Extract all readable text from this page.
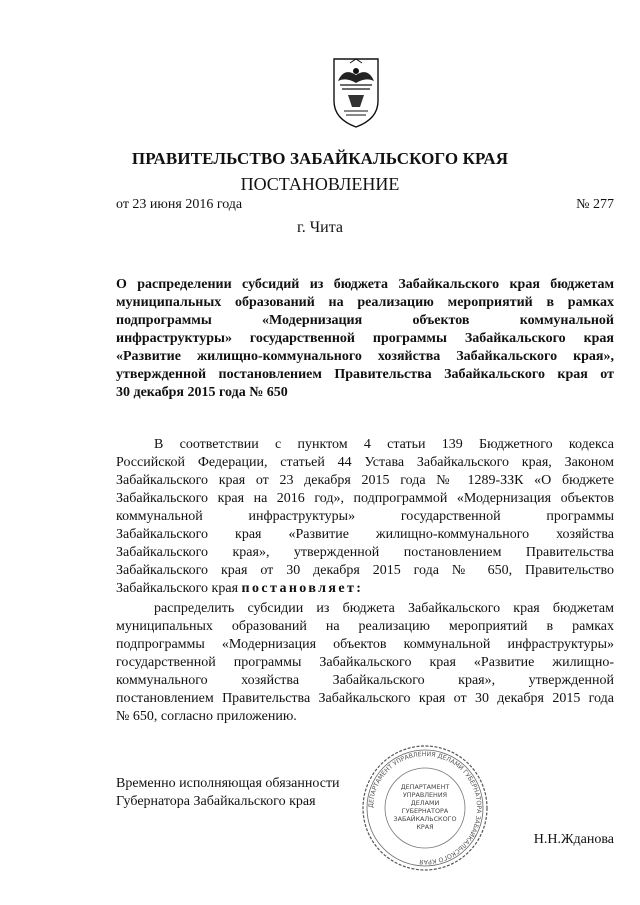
ПРАВИТЕЛЬСТВО ЗАБАЙКАЛЬСКОГО КРАЯ
ПОСТАНОВЛЕНИЕ
от 23 июня 2016 года	№ 277
г. Чита
О распределении субсидий из бюджета Забайкальского края бюджетам
муниципальных образований на реализацию мероприятий в рамках
подпрограммы «Модернизация объектов коммунальной
инфраструктуры» государственной программы Забайкальского края
«Развитие жилищно-коммунального хозяйства Забайкальского края»,
утвержденной постановлением Правительства Забайкальского края от
30 декабря 2015 года № 650
В соответствии с пунктом 4 статьи 139 Бюджетного кодекса
Российской Федерации, статьей 44 Устава Забайкальского края, Законом
Забайкальского края от 23 декабря 2015 года № 1289-ЗЗК «О бюджете
Забайкальского края на 2016 год», подпрограммой «Модернизация объектов
коммунальной инфраструктуры» государственной программы
Забайкальского края «Развитие жилищно-коммунального хозяйства
Забайкальского края», утвержденной постановлением Правительства
Забайкальского края от 30 декабря 2015 года № 650, Правительство
Забайкальского края постановляет:
распределить субсидии из бюджета Забайкальского края бюджетам
муниципальных образований на реализацию мероприятий в рамках
подпрограммы «Модернизация объектов коммунальной инфраструктуры»
государственной программы Забайкальского края «Развитие жилищно-
коммунального хозяйства Забайкальского края», утвержденной
постановлением Правительства Забайкальского края от 30 декабря 2015 года
№ 650, согласно приложению.
Временно исполняющая обязанности
Губернатора Забайкальского края
Н.Н.Жданова
ДЕПАРТАМЕНТ УПРАВЛЕНИЯ ДЕЛАМИ ГУБЕРНАТОРА ЗАБАЙКАЛЬСКОГО КРАЯ
ДЕПАРТАМЕНТ
УПРАВЛЕНИЯ
ДЕЛАМИ
ГУБЕРНАТОРА
ЗАБАЙКАЛЬСКОГО
КРАЯ
